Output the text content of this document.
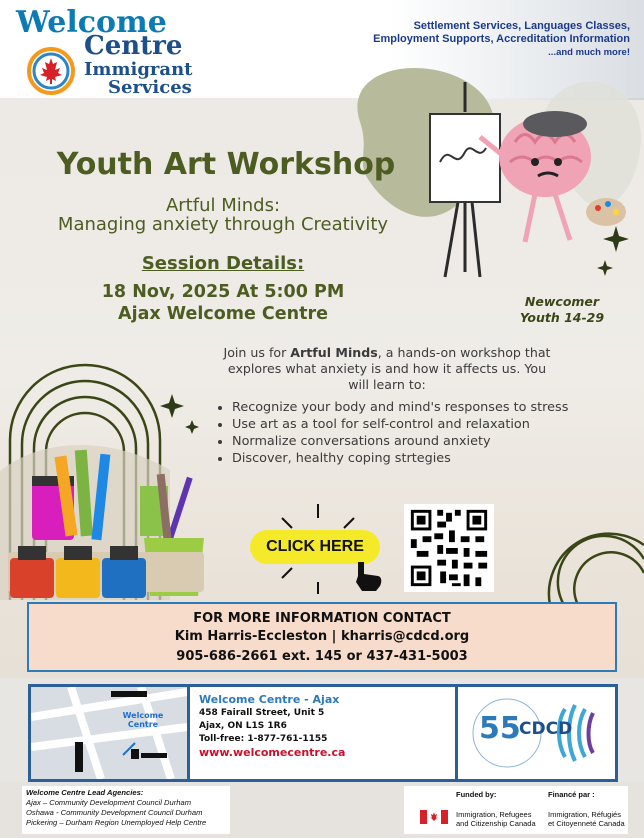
Welcome
Centre
Immigrant
Services
Settlement Services, Languages Classes,
Employment Supports, Accreditation Information
...and much more!
Youth Art Workshop
Artful Minds:
Managing anxiety through Creativity
Session Details:
18 Nov, 2025 At 5:00 PM
Ajax Welcome Centre
Newcomer
Youth 14-29
Join us for Artful Minds, a hands-on workshop that explores what anxiety is and how it affects us. You will learn to:
• Recognize your body and mind's responses to stress
• Use art as a tool for self-control and relaxation
• Normalize conversations around anxiety
• Discover, healthy coping strtegies
CLICK HERE
FOR MORE INFORMATION CONTACT
Kim Harris-Eccleston | kharris@cdcd.org
905-686-2661 ext. 145 or 437-431-5003
Welcome
Centre
Welcome Centre - Ajax
458 Fairall Street, Unit 5
Ajax, ON L1S 1R6
Toll-free: 1-877-761-1155
www.welcomecentre.ca
55
CDCD
Welcome Centre Lead Agencies:
Ajax – Community Development Council Durham
Oshawa - Community Development Council Durham
Pickering – Durham Region Unemployed Help Centre
Funded by:	Financé par :
Immigration, Refugees
and Citizenship Canada
Immigration, Réfugiés
et Citoyenneté Canada
